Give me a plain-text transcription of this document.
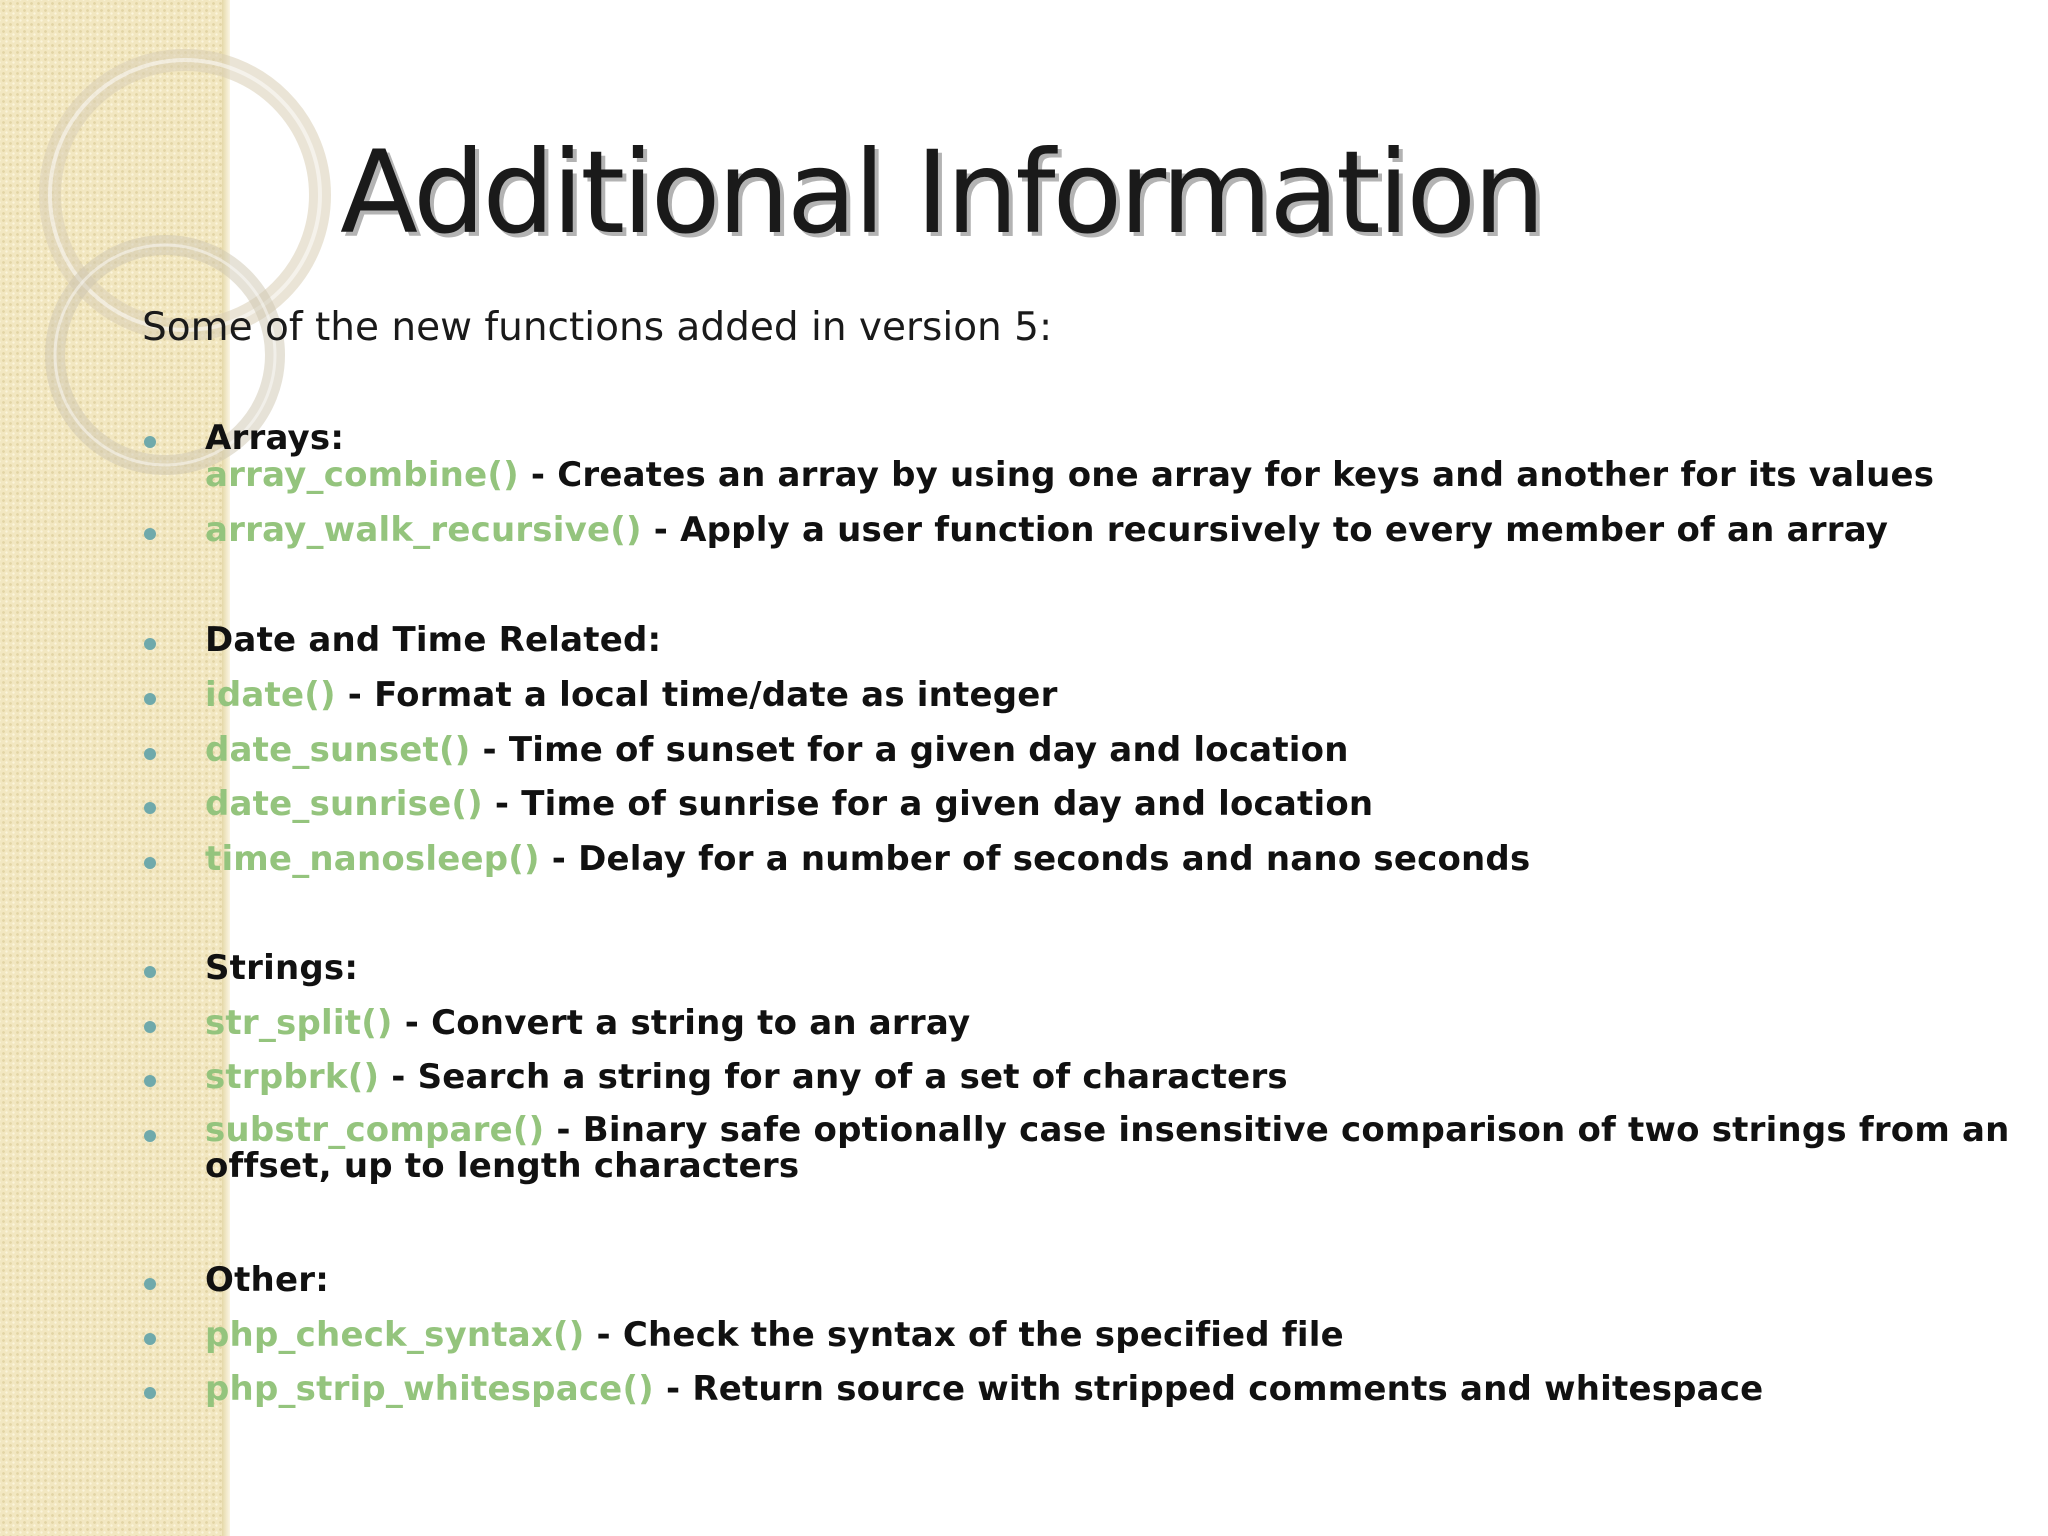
Additional Information

Some of the new functions added in version 5:

Arrays:

array_combine() - Creates an array by using one array for keys and another for its values

array_walk_recursive() - Apply a user function recursively to every member of an array

Date and Time Related:

idate() - Format a local time/date as integer

date_sunset() - Time of sunset for a given day and location

date_sunrise() - Time of sunrise for a given day and location

time_nanosleep() - Delay for a number of seconds and nano seconds

Strings:

str_split() - Convert a string to an array

strpbrk() - Search a string for any of a set of characters

substr_compare() - Binary safe optionally case insensitive comparison of two strings from an
offset, up to length characters

Other:

php_check_syntax() - Check the syntax of the specified file

php_strip_whitespace() - Return source with stripped comments and whitespace
